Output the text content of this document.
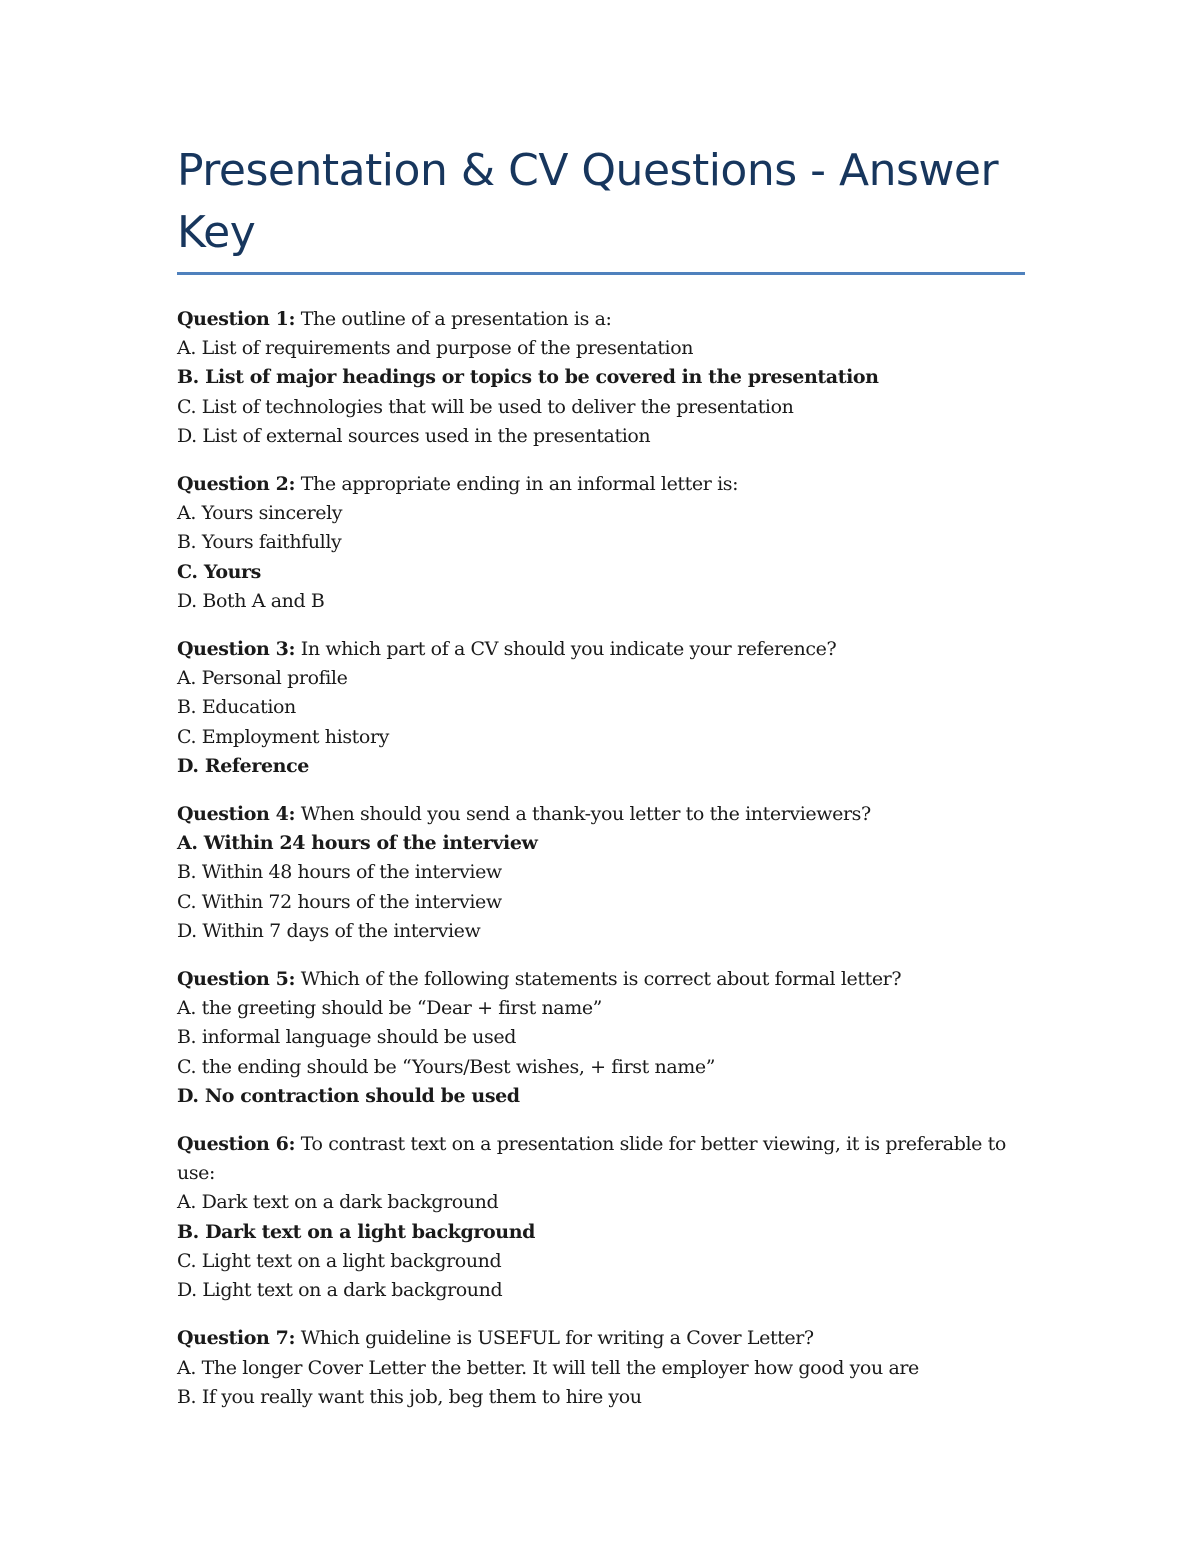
Presentation & CV Questions - Answer Key
Question 1: The outline of a presentation is a:
A. List of requirements and purpose of the presentation
B. List of major headings or topics to be covered in the presentation
C. List of technologies that will be used to deliver the presentation
D. List of external sources used in the presentation
Question 2: The appropriate ending in an informal letter is:
A. Yours sincerely
B. Yours faithfully
C. Yours
D. Both A and B
Question 3: In which part of a CV should you indicate your reference?
A. Personal profile
B. Education
C. Employment history
D. Reference
Question 4: When should you send a thank-you letter to the interviewers?
A. Within 24 hours of the interview
B. Within 48 hours of the interview
C. Within 72 hours of the interview
D. Within 7 days of the interview
Question 5: Which of the following statements is correct about formal letter?
A. the greeting should be “Dear + first name”
B. informal language should be used
C. the ending should be “Yours/Best wishes, + first name”
D. No contraction should be used
Question 6: To contrast text on a presentation slide for better viewing, it is preferable to use:
A. Dark text on a dark background
B. Dark text on a light background
C. Light text on a light background
D. Light text on a dark background
Question 7: Which guideline is USEFUL for writing a Cover Letter?
A. The longer Cover Letter the better. It will tell the employer how good you are
B. If you really want this job, beg them to hire you
